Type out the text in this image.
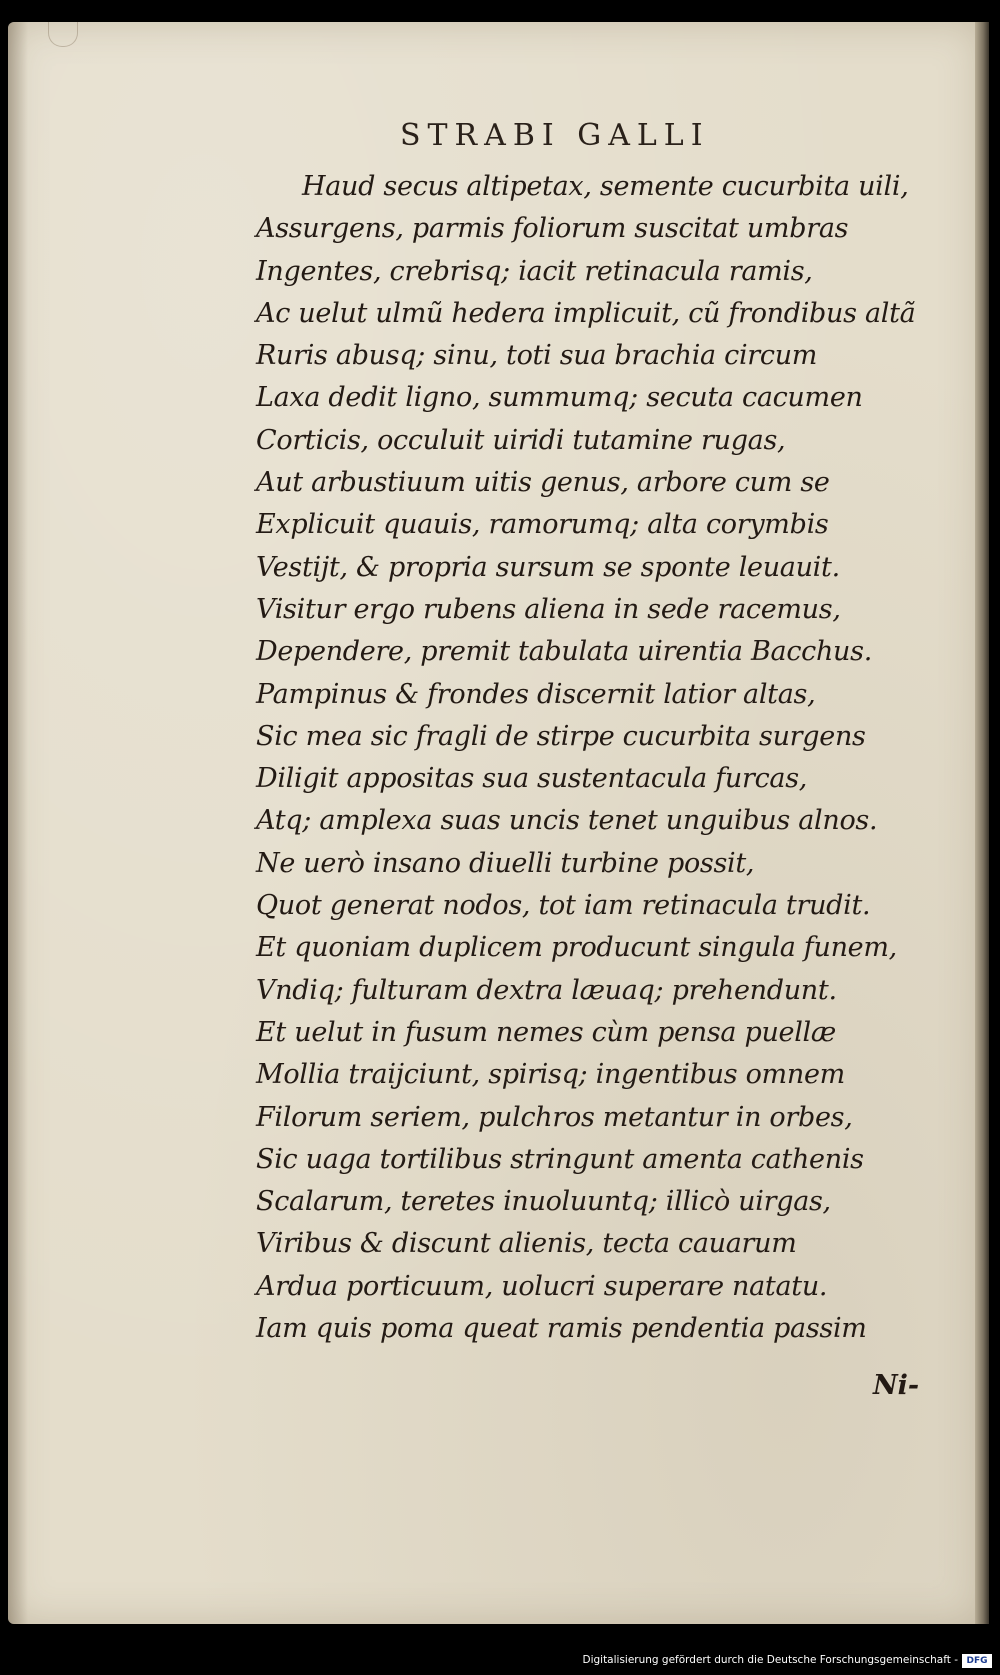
STRABI GALLI
Haud secus altipetax, semente cucurbita uili,
Assurgens, parmis foliorum suscitat umbras
Ingentes, crebrisq; iacit retinacula ramis,
Ac uelut ulmũ hedera implicuit, cũ frondibus altã
Ruris abusq; sinu, toti sua brachia circum
Laxa dedit ligno, summumq; secuta cacumen
Corticis, occuluit uiridi tutamine rugas,
Aut arbustiuum uitis genus, arbore cum se
Explicuit quauis, ramorumq; alta corymbis
Vestijt, & propria sursum se sponte leuauit.
Visitur ergo rubens aliena in sede racemus,
Dependere, premit tabulata uirentia Bacchus.
Pampinus & frondes discernit latior altas,
Sic mea sic fragli de stirpe cucurbita surgens
Diligit appositas sua sustentacula furcas,
Atq; amplexa suas uncis tenet unguibus alnos.
Ne uerò insano diuelli turbine possit,
Quot generat nodos, tot iam retinacula trudit.
Et quoniam duplicem producunt singula funem,
Vndiq; fulturam dextra læuaq; prehendunt.
Et uelut in fusum nemes cùm pensa puellæ
Mollia traijciunt, spirisq; ingentibus omnem
Filorum seriem, pulchros metantur in orbes,
Sic uaga tortilibus stringunt amenta cathenis
Scalarum, teretes inuoluuntq; illicò uirgas,
Viribus & discunt alienis, tecta cauarum
Ardua porticuum, uolucri superare natatu.
Iam quis poma queat ramis pendentia passim
Ni-
Digitalisierung gefördert durch die Deutsche Forschungsgemeinschaft - DFG
